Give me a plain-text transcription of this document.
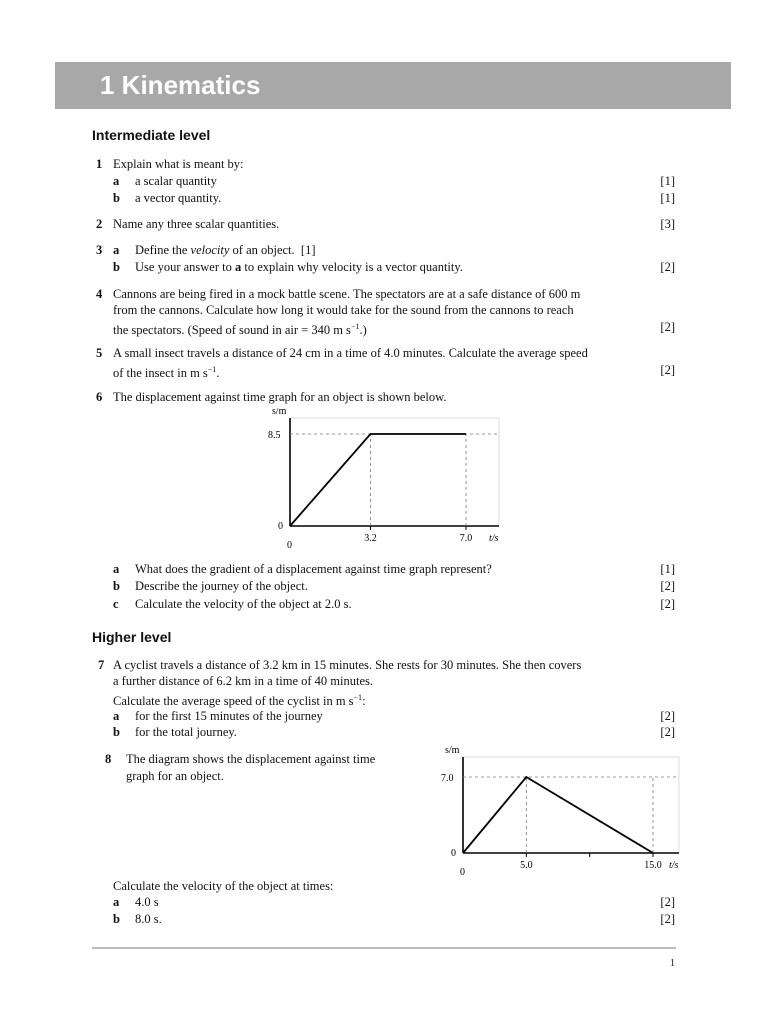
1 Kinematics
Intermediate level
1 Explain what is meant by:
a a scalar quantity	[1]
b a vector quantity.	[1]
2 Name any three scalar quantities.	[3]
3 a Define the velocity of an object. [1]
b Use your answer to a to explain why velocity is a vector quantity.	[2]
4 Cannons are being fired in a mock battle scene. The spectators are at a safe distance of 600 m
from the cannons. Calculate how long it would take for the sound from the cannons to reach
the spectators. (Speed of sound in air = 340 m $s^{-1}$.)	[2]
5 A small insect travels a distance of 24 cm in a time of 4.0 minutes. Calculate the average speed
of the insect in m $s^{-1}$.	[2]
6 The displacement against time graph for an object is shown below.
s/m
t/s
8.5
0
0
3.2	7.0
a What does the gradient of a displacement against time graph represent?	[1]
b Describe the journey of the object.	[2]
c Calculate the velocity of the object at 2.0 s.	[2]
Higher level
7 A cyclist travels a distance of 3.2 km in 15 minutes. She rests for 30 minutes. She then covers
a further distance of 6.2 km in a time of 40 minutes.
Calculate the average speed of the cyclist in m $s^{-1}$:
a for the first 15 minutes of the journey	[2]
b for the total journey.	[2]
8 The diagram shows the displacement against time
graph for an object.
s/m
t/s
7.0
0
0
5.0	15.0
Calculate the velocity of the object at times:
a 4.0 s	[2]
b 8.0 s.	[2]
1
